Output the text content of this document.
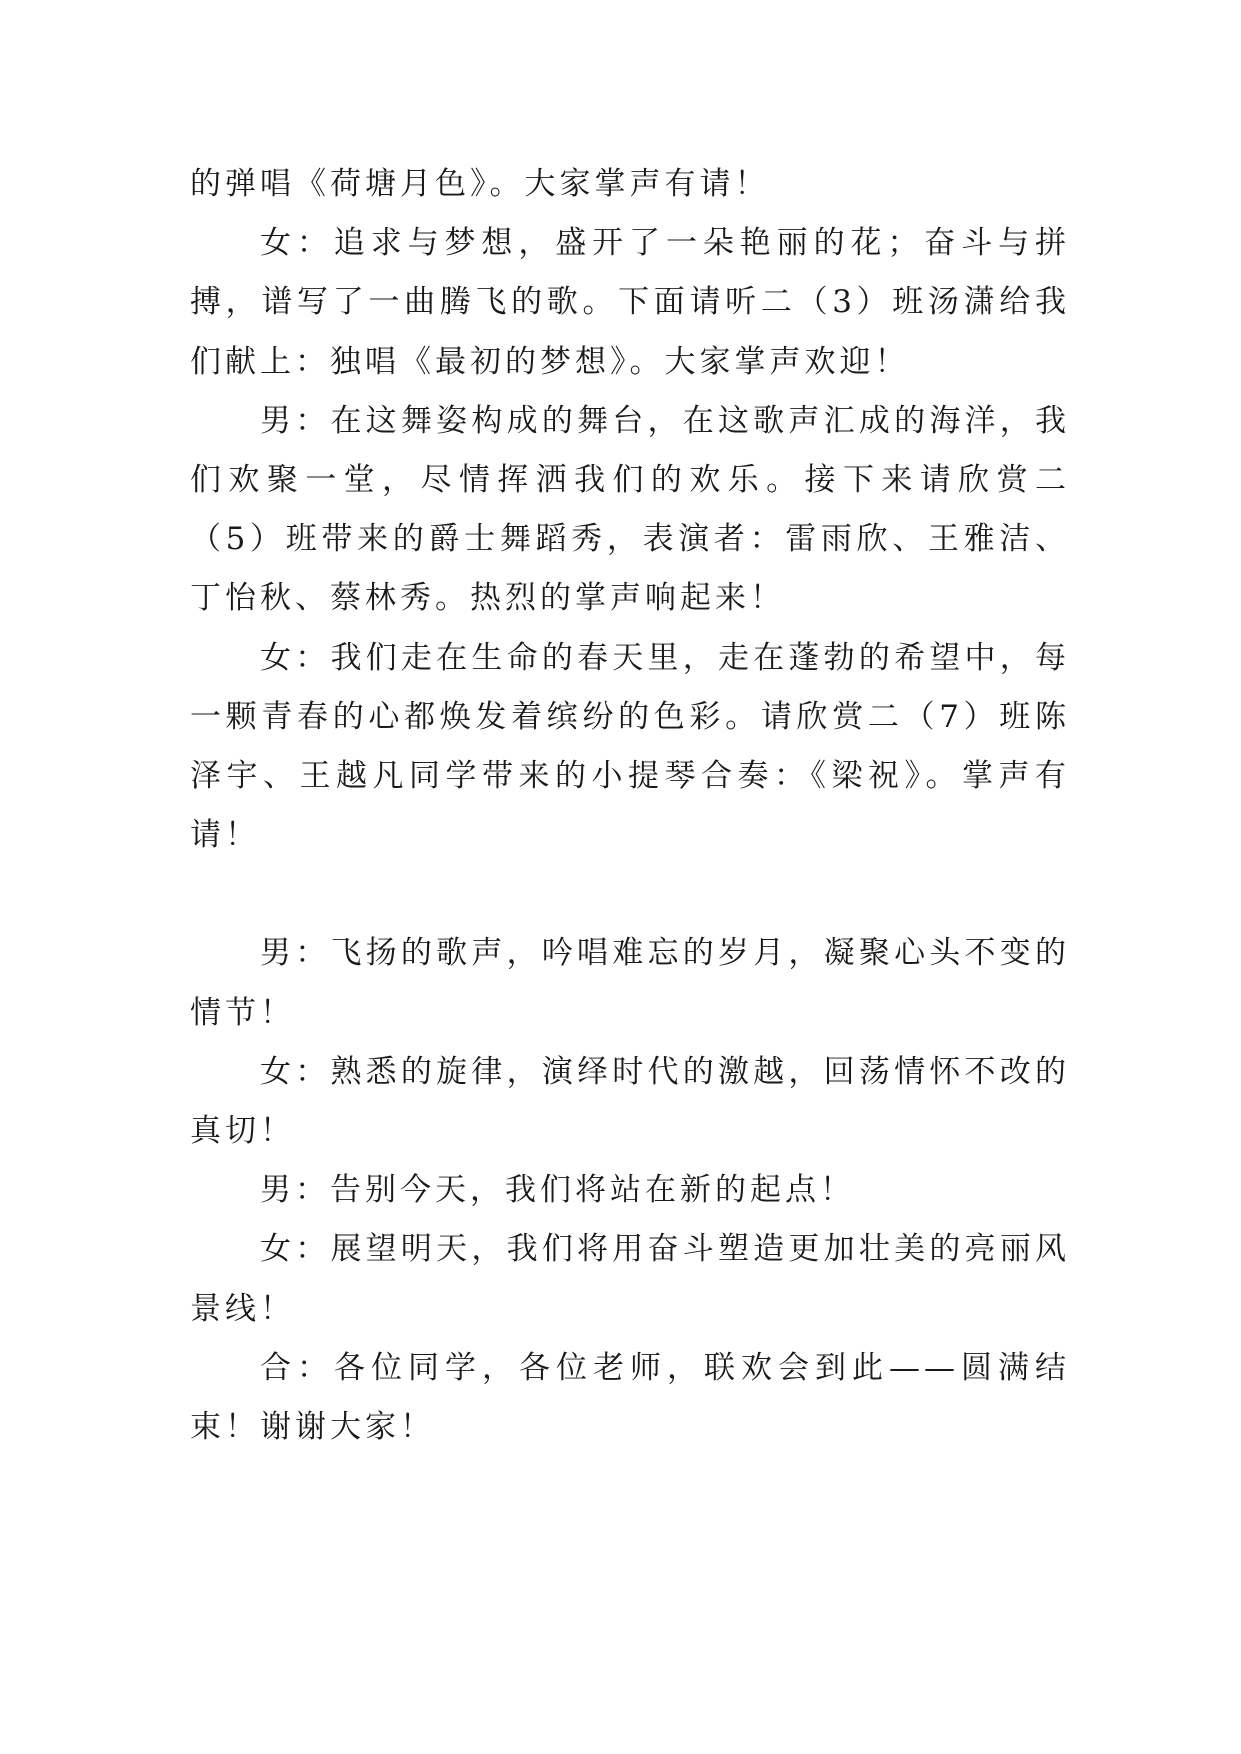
的弹唱《荷塘月色》。大家掌声有请！

女：追求与梦想，盛开了一朵艳丽的花；奋斗与拼搏，谱写了一曲腾飞的歌。下面请听二（3）班汤潇给我们献上：独唱《最初的梦想》。大家掌声欢迎！

男：在这舞姿构成的舞台，在这歌声汇成的海洋，我们欢聚一堂，尽情挥洒我们的欢乐。接下来请欣赏二（5）班带来的爵士舞蹈秀，表演者：雷雨欣、王雅洁、丁怡秋、蔡林秀。热烈的掌声响起来！

女：我们走在生命的春天里，走在蓬勃的希望中，每一颗青春的心都焕发着缤纷的色彩。请欣赏二（7）班陈泽宇、王越凡同学带来的小提琴合奏：《梁祝》。掌声有请！

男：飞扬的歌声，吟唱难忘的岁月，凝聚心头不变的情节！

女：熟悉的旋律，演绎时代的激越，回荡情怀不改的真切！

男：告别今天，我们将站在新的起点！

女：展望明天，我们将用奋斗塑造更加壮美的亮丽风景线！

合：各位同学，各位老师，联欢会到此——圆满结束！谢谢大家！
